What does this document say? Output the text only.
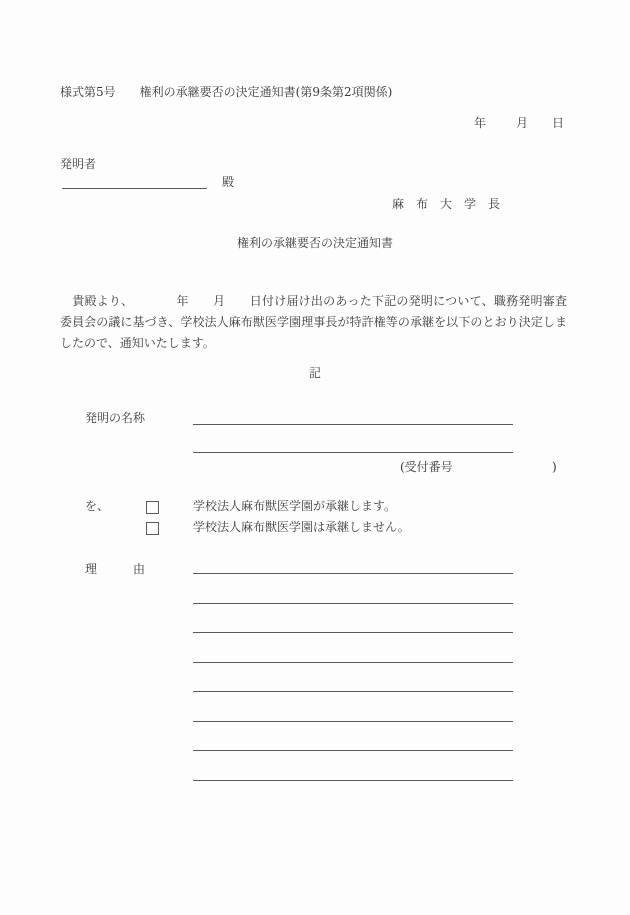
様式第5号　　権利の承継要否の決定通知書(第9条第2項関係)
年 月 日
発明者
殿
麻　布　大　学　長
権利の承継要否の決定通知書
　貴殿より、　　　　年　　月　　日付け届け出のあった下記の発明について、職務発明審査
委員会の議に基づき、学校法人麻布獣医学園理事長が特許権等の承継を以下のとおり決定しま
したので、通知いたします。
記
発明の名称
(受付番号	)
を、	学校法人麻布獣医学園が承継します。
学校法人麻布獣医学園は承継しません。
理　　　由
